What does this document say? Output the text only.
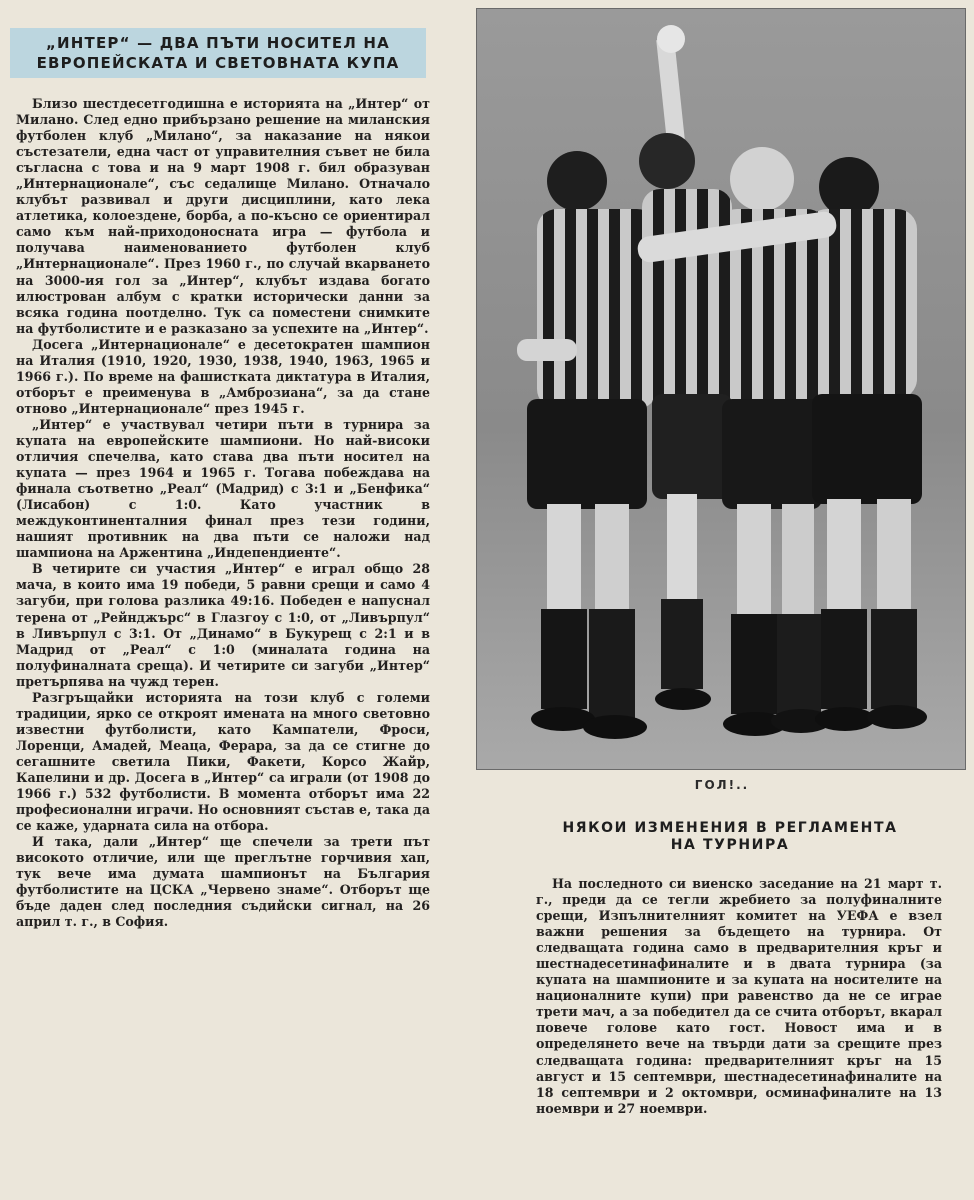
„ИНТЕР“ — ДВА ПЪТИ НОСИТЕЛ НА
ЕВРОПЕЙСКАТА И СВЕТОВНАТА КУПА

Близо шестдесетгодишна е историята на „Интер“ от Милано. След едно прибързано решение на миланския футболен клуб „Милано“, за наказание на някои състезатели, една част от управителния съвет не била съгласна с това и на 9 март 1908 г. бил образуван „Интернационале“, със седалище Милано. Отначало клубът развивал и други дисциплини, като лека атлетика, колоездене, борба, а по-късно се ориентирал само към най-приходоносната игра — футбола и получава наименованието футболен клуб „Интернационале“. През 1960 г., по случай вкарването на 3000-ия гол за „Интер“, клубът издава богато илюстрован албум с кратки исторически данни за всяка година поотделно. Тук са поместени снимките на футболистите и е разказано за успехите на „Интер“.

Досега „Интернационале“ е десетократен шампион на Италия (1910, 1920, 1930, 1938, 1940, 1963, 1965 и 1966 г.). По време на фашистката диктатура в Италия, отборът е преименува в „Амброзиана“, за да стане отново „Интернационале“ през 1945 г.

„Интер“ е участвувал четири пъти в турнира за купата на европейските шампиони. Но най-високи отличия спечелва, като става два пъти носител на купата — през 1964 и 1965 г. Тогава побеждава на финала съответно „Реал“ (Мадрид) с 3:1 и „Бенфика“ (Лисабон) с 1:0. Като участник в междуконтиненталния финал през тези години, нашият противник на два пъти се наложи над шампиона на Аржентина „Индепендиенте“.

В четирите си участия „Интер“ е играл общо 28 мача, в които има 19 победи, 5 равни срещи и само 4 загуби, при голова разлика 49:16. Победен е напуснал терена от „Рейнджърс“ в Глазгоу с 1:0, от „Ливърпул“ в Ливърпул с 3:1. От „Динамо“ в Букурещ с 2:1 и в Мадрид от „Реал“ с 1:0 (миналата година на полуфиналната среща). И четирите си загуби „Интер“ претърпява на чужд терен.

Разгръщайки историята на този клуб с големи традиции, ярко се откроят имената на много световно известни футболисти, като Кампатели, Фроси, Лоренци, Амадей, Меаца, Ферара, за да се стигне до сегашните светила Пики, Факети, Корсо Жайр, Капелини и др. Досега в „Интер“ са играли (от 1908 до 1966 г.) 532 футболисти. В момента отборът има 22 професионални играчи. Но основният състав е, така да се каже, ударната сила на отбора.

И така, дали „Интер“ ще спечели за трети път високото отличие, или ще преглътне горчивия хап, тук вече има думата шампионът на България футболистите на ЦСКА „Червено знаме“. Отборът ще бъде даден след последния съдийски сигнал, на 26 април т. г., в София.

ГОЛ!..
НЯКОИ ИЗМЕНЕНИЯ В РЕГЛАМЕНТА
НА ТУРНИРА

На последното си виенско заседание на 21 март т. г., преди да се тегли жребието за полуфиналните срещи, Изпълнителният комитет на УЕФА е взел важни решения за бъдещето на турнира. От следващата година само в предварителния кръг и шестнадесетинафиналите и в двата турнира (за купата на шампионите и за купата на носителите на националните купи) при равенство да не се играе трети мач, а за победител да се счита отборът, вкарал повече голове като гост. Новост има и в определянето вече на твърди дати за срещите през следващата година: предварителният кръг на 15 август и 15 септември, шестнадесетинафиналите на 18 септември и 2 октомври, осминафиналите на 13 ноември и 27 ноември.
